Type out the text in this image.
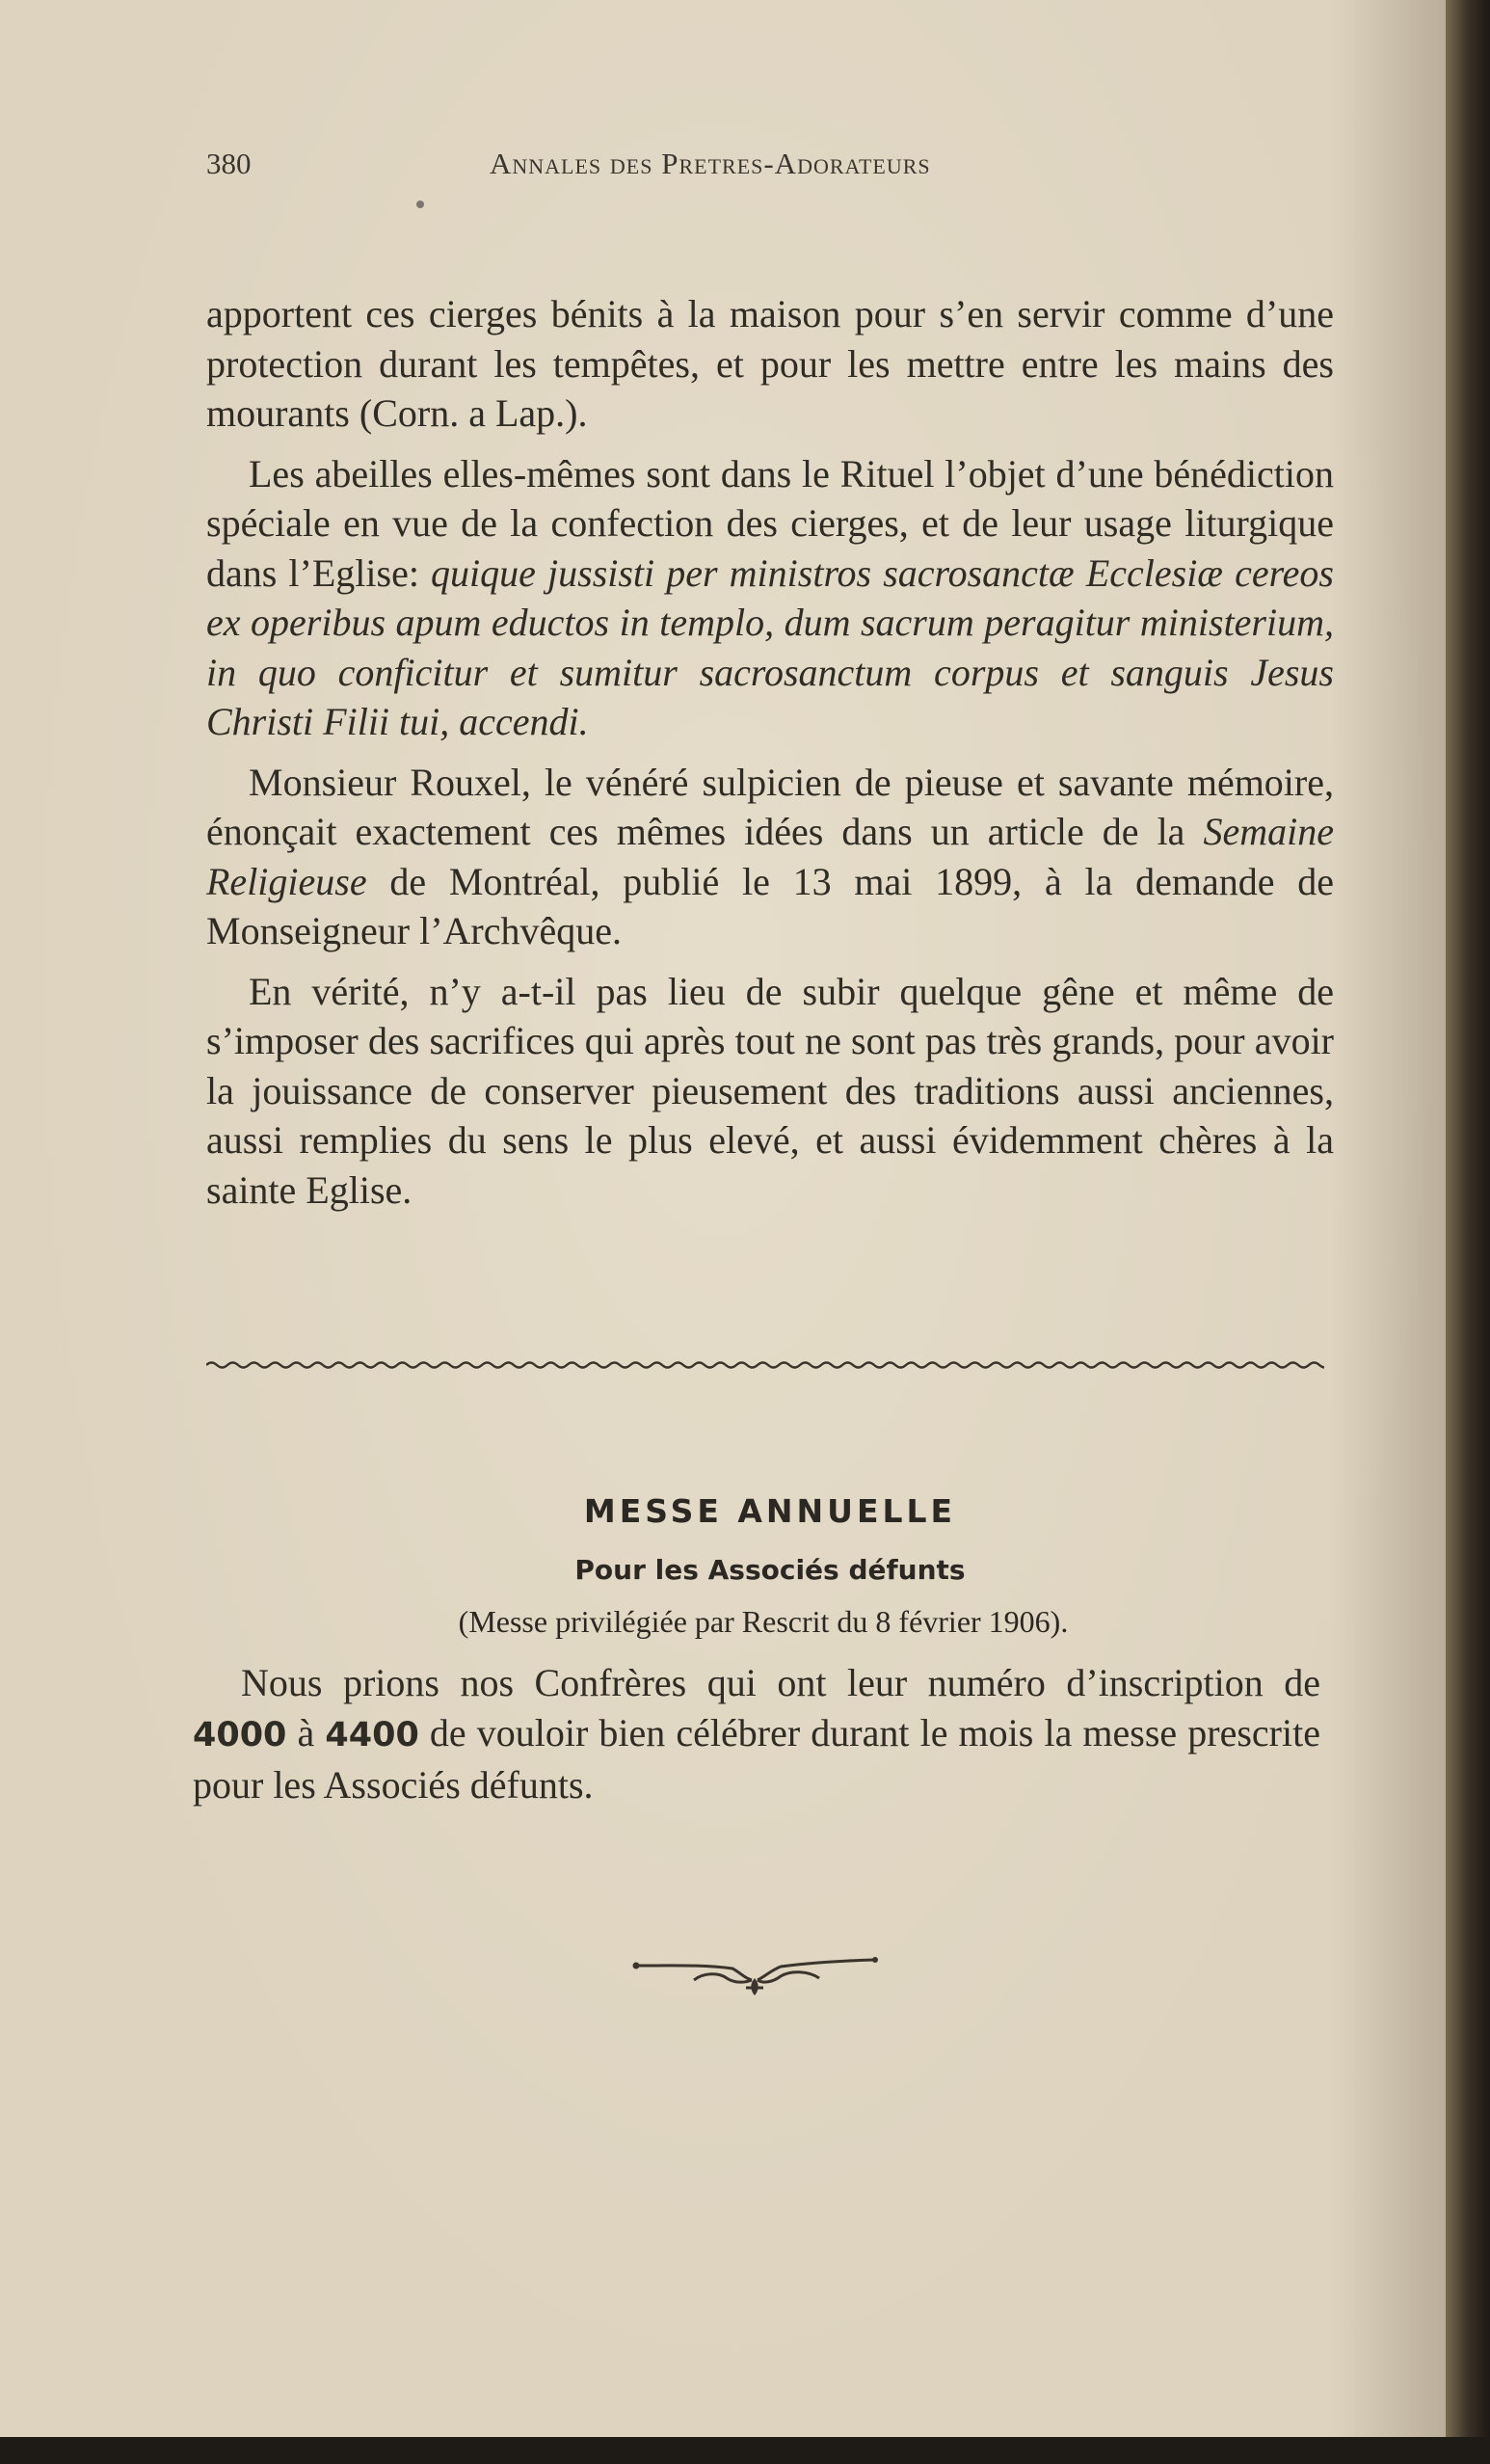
380	Annales des Pretres-Adorateurs

apportent ces cierges bénits à la maison pour s’en servir comme d’une protection durant les tempêtes, et pour les mettre entre les mains des mourants (Corn. a Lap.).

Les abeilles elles-mêmes sont dans le Rituel l’objet d’une bénédiction spéciale en vue de la confection des cierges, et de leur usage liturgique dans l’Eglise: quique jussisti per ministros sacrosanctæ Ecclesiæ cereos ex operibus apum eductos in templo, dum sacrum peragitur ministerium, in quo conficitur et sumitur sacrosanctum corpus et sanguis Jesus Christi Filii tui, accendi.

Monsieur Rouxel, le vénéré sulpicien de pieuse et savante mémoire, énonçait exactement ces mêmes idées dans un article de la Semaine Religieuse de Montréal, publié le 13 mai 1899, à la demande de Monseigneur l’Archvêque.

En vérité, n’y a-t-il pas lieu de subir quelque gêne et même de s’imposer des sacrifices qui après tout ne sont pas très grands, pour avoir la jouissance de conserver pieusement des traditions aussi anciennes, aussi remplies du sens le plus elevé, et aussi évidemment chères à la sainte Eglise.

MESSE ANNUELLE
Pour les Associés défunts
(Messe privilégiée par Rescrit du 8 février 1906).

Nous prions nos Confrères qui ont leur numéro d’inscription de 4000 à 4400 de vouloir bien célébrer durant le mois la messe prescrite pour les Associés défunts.
